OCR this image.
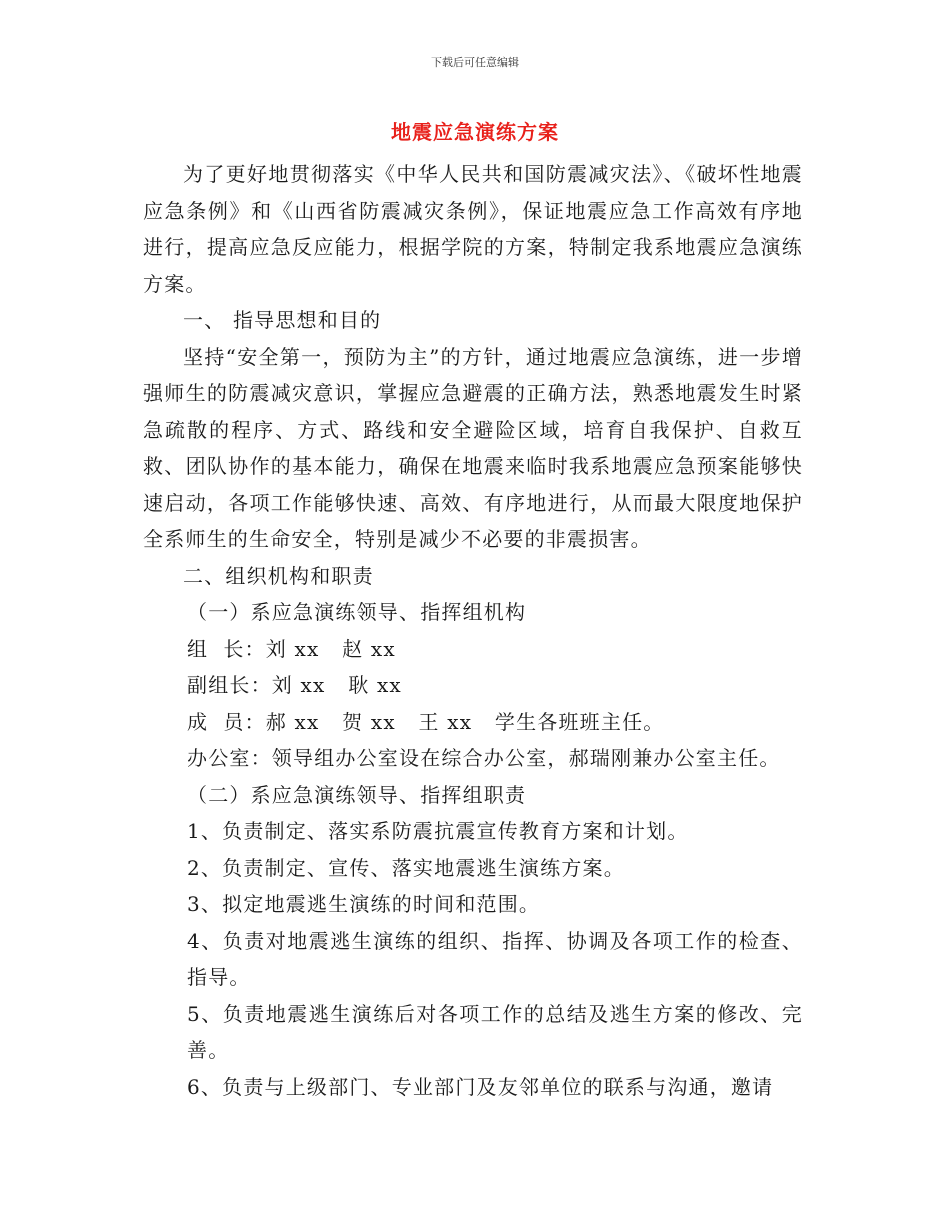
下载后可任意编辑
地震应急演练方案

为了更好地贯彻落实《中华人民共和国防震减灾法》、《破坏性地震应急条例》和《山西省防震减灾条例》，保证地震应急工作高效有序地进行，提高应急反应能力，根据学院的方案，特制定我系地震应急演练方案。

一、 指导思想和目的

坚持“安全第一，预防为主”的方针，通过地震应急演练，进一步增强师生的防震减灾意识，掌握应急避震的正确方法，熟悉地震发生时紧急疏散的程序、方式、路线和安全避险区域，培育自我保护、自救互救、团队协作的基本能力，确保在地震来临时我系地震应急预案能够快速启动，各项工作能够快速、高效、有序地进行，从而最大限度地保护全系师生的生命安全，特别是减少不必要的非震损害。

二、组织机构和职责

（一）系应急演练领导、指挥组机构

组  长：刘 xx   赵 xx

副组长：刘 xx   耿 xx

成  员：郝 xx   贺 xx   王 xx   学生各班班主任。

办公室：领导组办公室设在综合办公室，郝瑞刚兼办公室主任。

（二）系应急演练领导、指挥组职责

1、负责制定、落实系防震抗震宣传教育方案和计划。

2、负责制定、宣传、落实地震逃生演练方案。

3、拟定地震逃生演练的时间和范围。

4、负责对地震逃生演练的组织、指挥、协调及各项工作的检查、指导。

5、负责地震逃生演练后对各项工作的总结及逃生方案的修改、完善。

6、负责与上级部门、专业部门及友邻单位的联系与沟通，邀请
